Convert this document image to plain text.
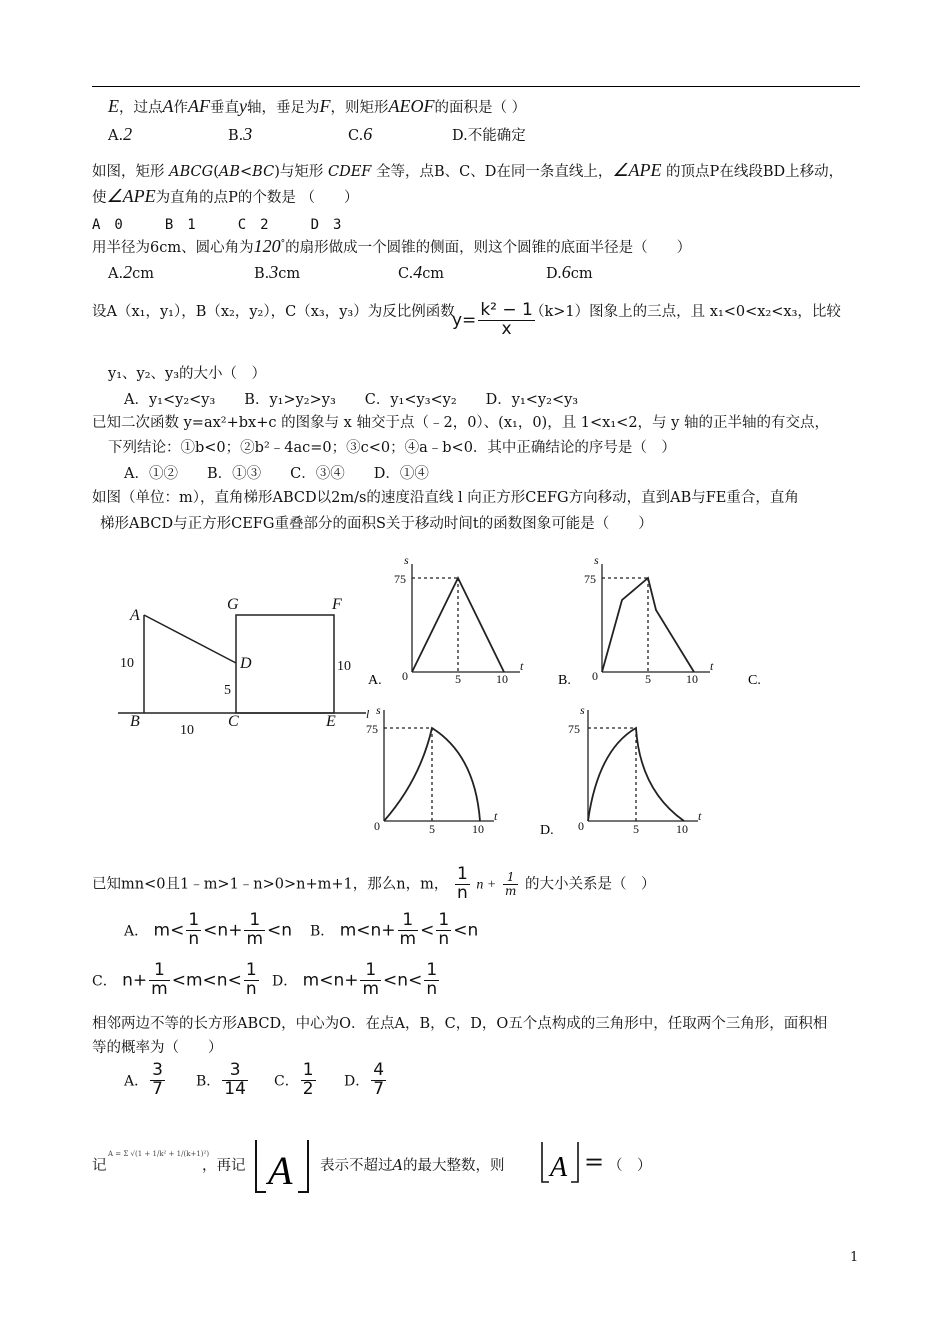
E，过点A作AF垂直y轴，垂足为F，则矩形AEOF的面积是（ ）
A.2	B.3	C.6	D.不能确定
如图，矩形 ABCG(AB<BC)与矩形 CDEF 全等，点B、C、D在同一条直线上，∠APE 的顶点P在线段BD上移动，
使∠APE为直角的点P的个数是 （　　）
A　0　　　B　1　　　C　2　　　D　3
用半径为6cm、圆心角为120°的扇形做成一个圆锥的侧面，则这个圆锥的底面半径是（　　）
A.2cm	B.3cm	C.4cm	D.6cm
设A（x₁，y₁），B（x₂，y₂），C（x₃，y₃）为反比例函数
$y= \frac{\text{k² − 1}}{x}$
（k>1）图象上的三点，且 x₁<0<x₂<x₃，比较
y₁、y₂、y₃的大小（　）
A．y₁<y₂<y₃　　B．y₁>y₂>y₃　　C．y₁<y₃<y₂　　D．y₁<y₂<y₃
已知二次函数 y=ax²+bx+c 的图象与 x 轴交于点（﹣2，0）、(x₁，0)，且 1<x₁<2，与 y 轴的正半轴的有交点，
下列结论：①b<0；②b²﹣4ac=0；③c<0；④a﹣b<0．其中正确结论的序号是（　）
A．①②　　B．①③　　C．③④　　D．①④
如图（单位：m），直角梯形ABCD以2m/s的速度沿直线 l 向正方形CEFG方向移动，直到AB与FE重合，直角
梯形ABCD与正方形CEFG重叠部分的面积S关于移动时间t的函数图象可能是（　　）
A
B	C
D
E
F
G
10
10
5
10
s
t
0
75
5	10
A.
s
t
0
75
5	10
B.	C.
l s
t
0
75
5	10
s
t
0
75
5	10
D.
已知mn<0且1﹣m>1﹣n>0>n+m+1，那么n，m， $\frac{1}{n}$ $n + \frac{1}{m}$ 的大小关系是（　）
A． $m< \frac{1}{n} <n+ \frac{1}{m} <n$ B． $m<n+ \frac{1}{m} < \frac{1}{n} <n$
C． $n+ \frac{1}{m} <m<n< \frac{1}{n}$ D． $m<n+ \frac{1}{m} <n< \frac{1}{n}$
相邻两边不等的长方形ABCD，中心为O．在点A，B，C，D，O五个点构成的三角形中，任取两个三角形，面积相
等的概率为（　　）
A． $\frac{3}{7}$ B． $\frac{3}{14}$ C． $\frac{1}{2}$ D． $\frac{4}{7}$
记
A = Σ √(1 + 1/k² + 1/(k+1)²)
，再记 A 表示不超过A的最大整数，则 A = （　）
1
